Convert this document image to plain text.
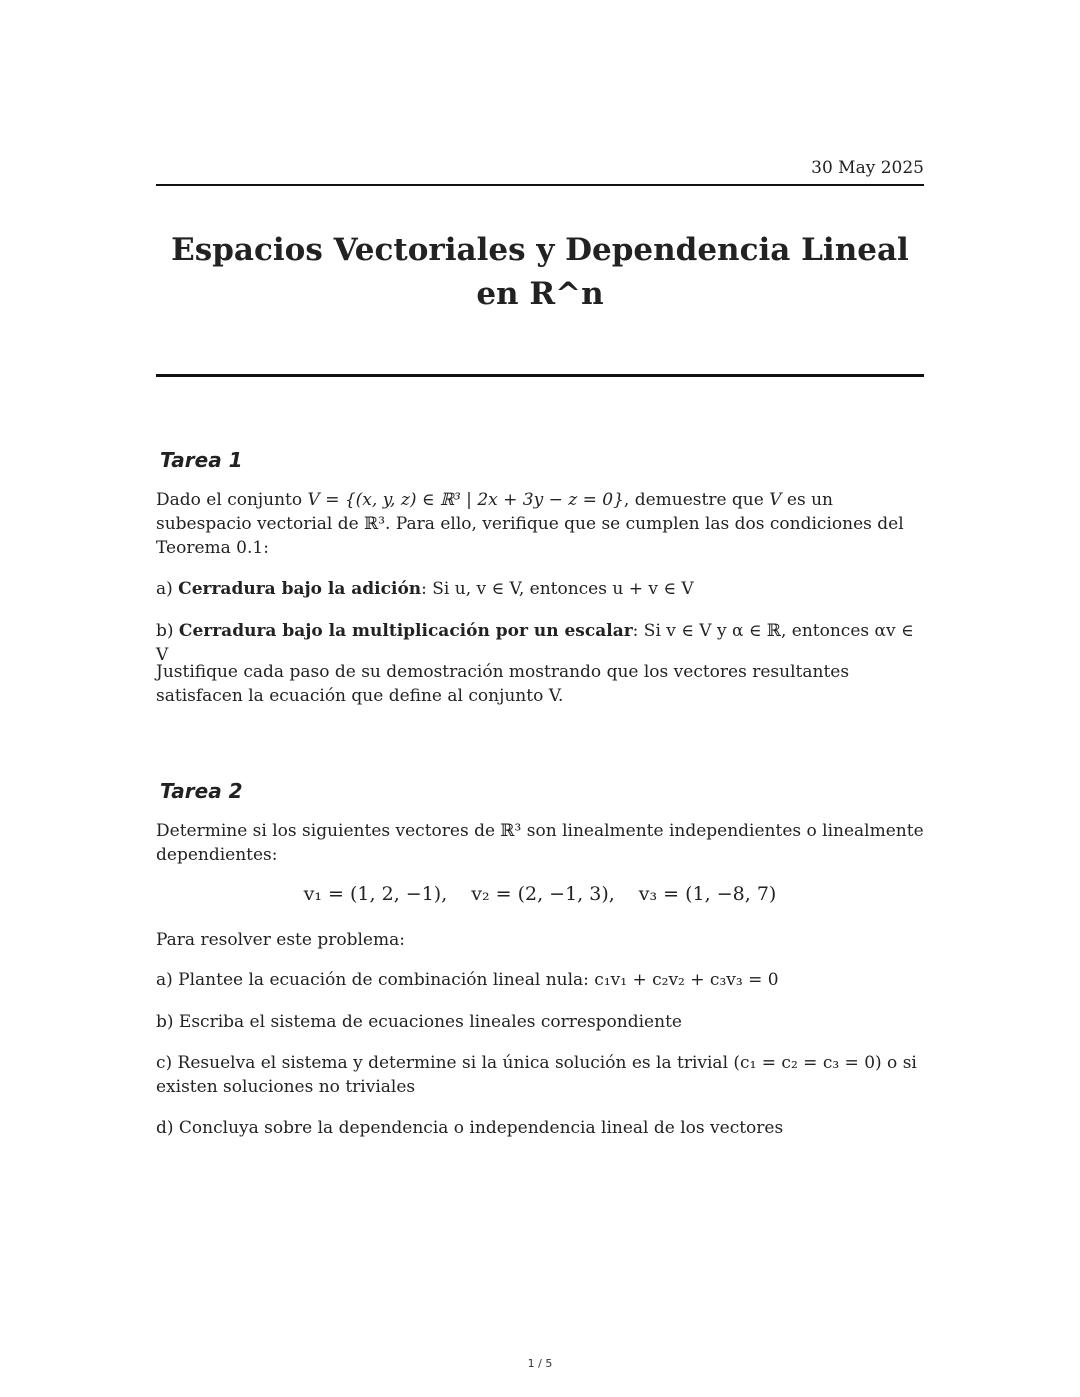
30 May 2025
Espacios Vectoriales y Dependencia Lineal en R^n
Tarea 1
Dado el conjunto V = {(x, y, z) ∈ ℝ³ | 2x + 3y − z = 0}, demuestre que V es un subespacio vectorial de ℝ³. Para ello, verifique que se cumplen las dos condiciones del Teorema 0.1:
a) Cerradura bajo la adición: Si u, v ∈ V, entonces u + v ∈ V
b) Cerradura bajo la multiplicación por un escalar: Si v ∈ V y α ∈ ℝ, entonces αv ∈ V
Justifique cada paso de su demostración mostrando que los vectores resultantes satisfacen la ecuación que define al conjunto V.
Tarea 2
Determine si los siguientes vectores de ℝ³ son linealmente independientes o linealmente dependientes:
v₁ = (1, 2, −1), v₂ = (2, −1, 3), v₃ = (1, −8, 7)
Para resolver este problema:
a) Plantee la ecuación de combinación lineal nula: c₁v₁ + c₂v₂ + c₃v₃ = 0
b) Escriba el sistema de ecuaciones lineales correspondiente
c) Resuelva el sistema y determine si la única solución es la trivial (c₁ = c₂ = c₃ = 0) o si existen soluciones no triviales
d) Concluya sobre la dependencia o independencia lineal de los vectores
1 / 5
